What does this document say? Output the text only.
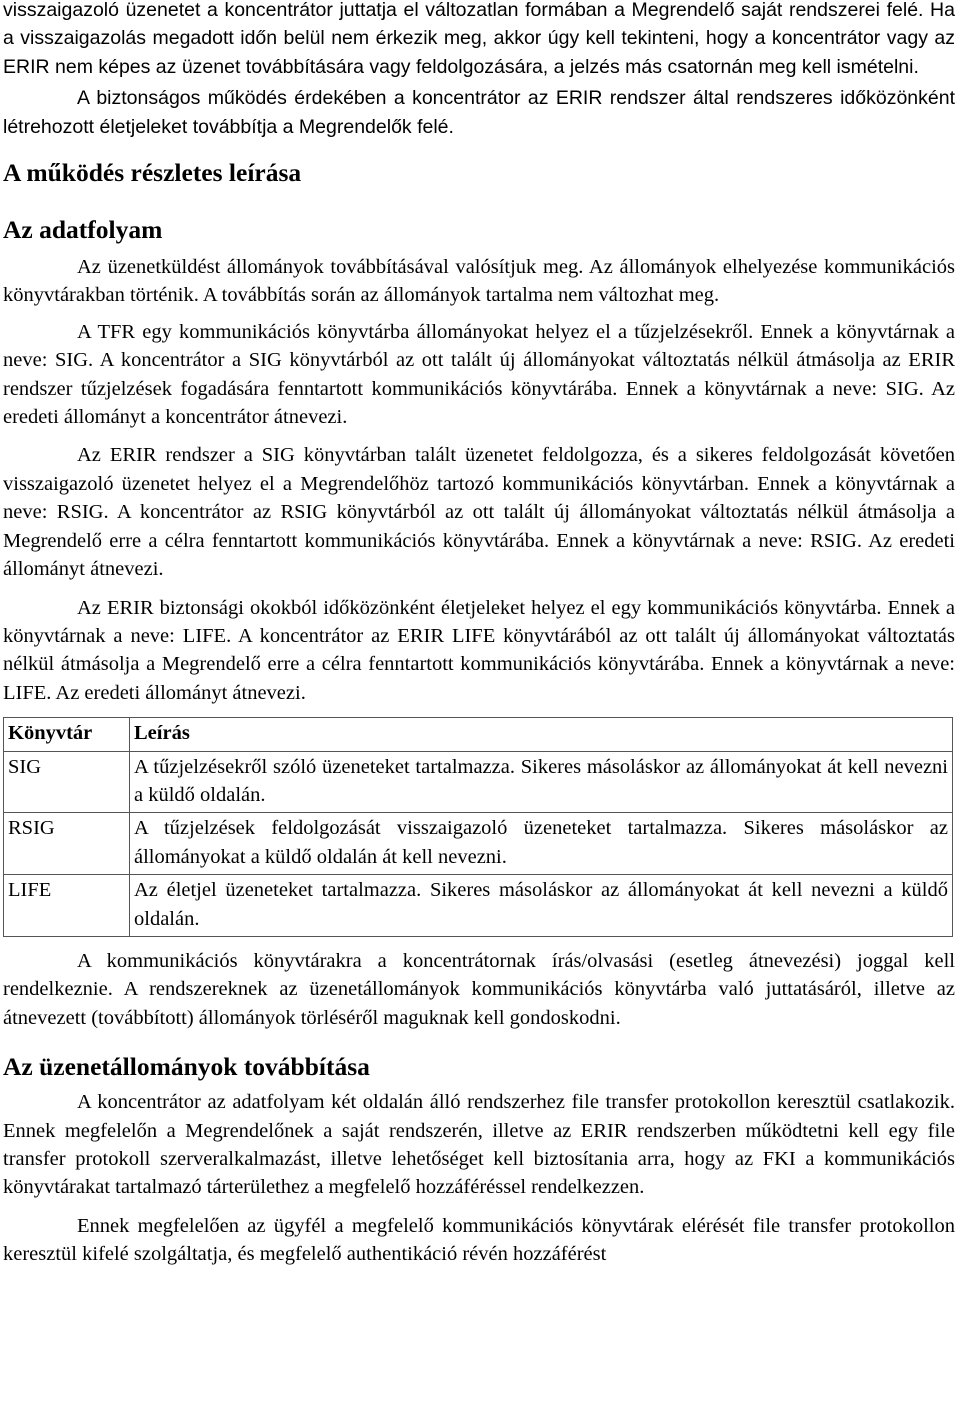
visszaigazoló üzenetet a koncentrátor juttatja el változatlan formában a Megrendelő saját rendszerei felé. Ha a visszaigazolás megadott időn belül nem érkezik meg, akkor úgy kell tekinteni, hogy a koncentrátor vagy az ERIR nem képes az üzenet továbbítására vagy feldolgozására, a jelzés más csatornán meg kell ismételni.

A biztonságos működés érdekében a koncentrátor az ERIR rendszer által rendszeres időközönként létrehozott életjeleket továbbítja a Megrendelők felé.

A működés részletes leírása
Az adatfolyam

Az üzenetküldést állományok továbbításával valósítjuk meg. Az állományok elhelyezése kommunikációs könyvtárakban történik. A továbbítás során az állományok tartalma nem változhat meg.

A TFR egy kommunikációs könyvtárba állományokat helyez el a tűzjelzésekről. Ennek a könyvtárnak a neve: SIG. A koncentrátor a SIG könyvtárból az ott talált új állományokat változtatás nélkül átmásolja az ERIR rendszer tűzjelzések fogadására fenntartott kommunikációs könyvtárába. Ennek a könyvtárnak a neve: SIG. Az eredeti állományt a koncentrátor átnevezi.

Az ERIR rendszer a SIG könyvtárban talált üzenetet feldolgozza, és a sikeres feldolgozását követően visszaigazoló üzenetet helyez el a Megrendelőhöz tartozó kommunikációs könyvtárban. Ennek a könyvtárnak a neve: RSIG. A koncentrátor az RSIG könyvtárból az ott talált új állományokat változtatás nélkül átmásolja a Megrendelő erre a célra fenntartott kommunikációs könyvtárába. Ennek a könyvtárnak a neve: RSIG. Az eredeti állományt átnevezi.

Az ERIR biztonsági okokból időközönként életjeleket helyez el egy kommunikációs könyvtárba. Ennek a könyvtárnak a neve: LIFE. A koncentrátor az ERIR LIFE könyvtárából az ott talált új állományokat változtatás nélkül átmásolja a Megrendelő erre a célra fenntartott kommunikációs könyvtárába. Ennek a könyvtárnak a neve: LIFE. Az eredeti állományt átnevezi.

Könyvtár	Leírás
SIG	A tűzjelzésekről szóló üzeneteket tartalmazza. Sikeres másoláskor az állományokat át kell nevezni a küldő oldalán.
RSIG	A tűzjelzések feldolgozását visszaigazoló üzeneteket tartalmazza. Sikeres másoláskor az állományokat a küldő oldalán át kell nevezni.
LIFE	Az életjel üzeneteket tartalmazza. Sikeres másoláskor az állományokat át kell nevezni a küldő oldalán.

A kommunikációs könyvtárakra a koncentrátornak írás/olvasási (esetleg átnevezési) joggal kell rendelkeznie. A rendszereknek az üzenetállományok kommunikációs könyvtárba való juttatásáról, illetve az átnevezett (továbbított) állományok törléséről maguknak kell gondoskodni.

Az üzenetállományok továbbítása

A koncentrátor az adatfolyam két oldalán álló rendszerhez file transfer protokollon keresztül csatlakozik. Ennek megfelelőn a Megrendelőnek a saját rendszerén, illetve az ERIR rendszerben működtetni kell egy file transfer protokoll szerveralkalmazást, illetve lehetőséget kell biztosítania arra, hogy az FKI a kommunikációs könyvtárakat tartalmazó tárterülethez a megfelelő hozzáféréssel rendelkezzen.

Ennek megfelelően az ügyfél a megfelelő kommunikációs könyvtárak elérését file transfer protokollon keresztül kifelé szolgáltatja, és megfelelő authentikáció révén hozzáférést
